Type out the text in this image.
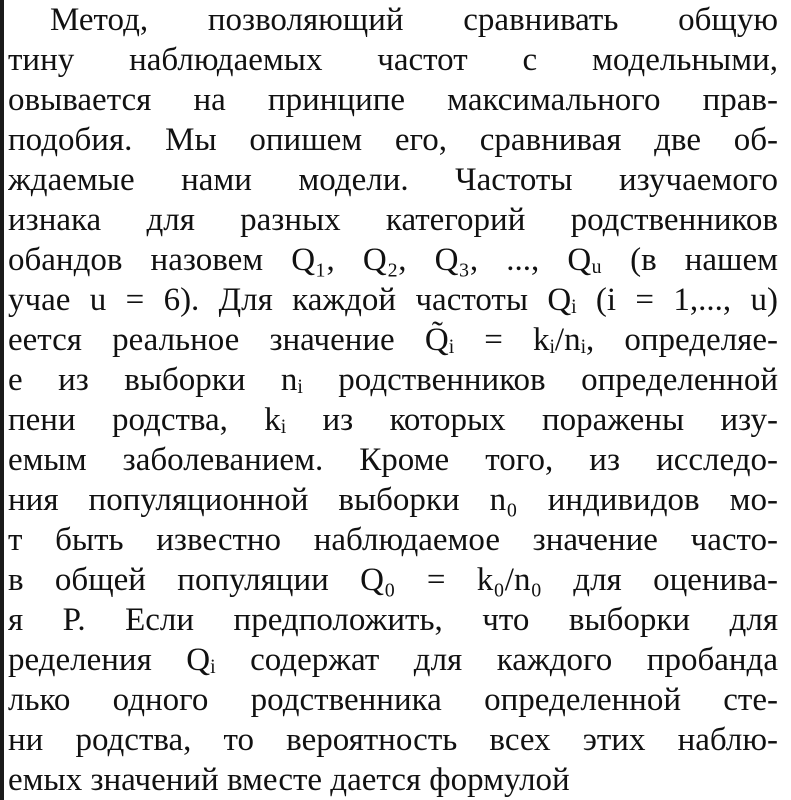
Метод, позволяющий сравнивать общую
тину наблюдаемых частот с модельными,
овывается на принципе максимального прав-
подобия. Мы опишем его, сравнивая две об-
ждаемые нами модели. Частоты изучаемого
изнака для разных категорий родственников
обандов назовем Q₁, Q₂, Q₃, ..., Qᵤ (в нашем
учае u = 6). Для каждой частоты Qᵢ (i = 1,..., u)
еется реальное значение Q̃ᵢ = kᵢ/nᵢ, определяе-
е из выборки nᵢ родственников определенной
пени родства, kᵢ из которых поражены изу-
емым заболеванием. Кроме того, из исследо-
ния популяционной выборки n₀ индивидов мо-
т быть известно наблюдаемое значение часто-
в общей популяции Q₀ = k₀/n₀ для оценива-
я P. Если предположить, что выборки для
ределения Qᵢ содержат для каждого пробанда
лько одного родственника определенной сте-
ни родства, то вероятность всех этих наблю-
емых значений вместе дается формулой
